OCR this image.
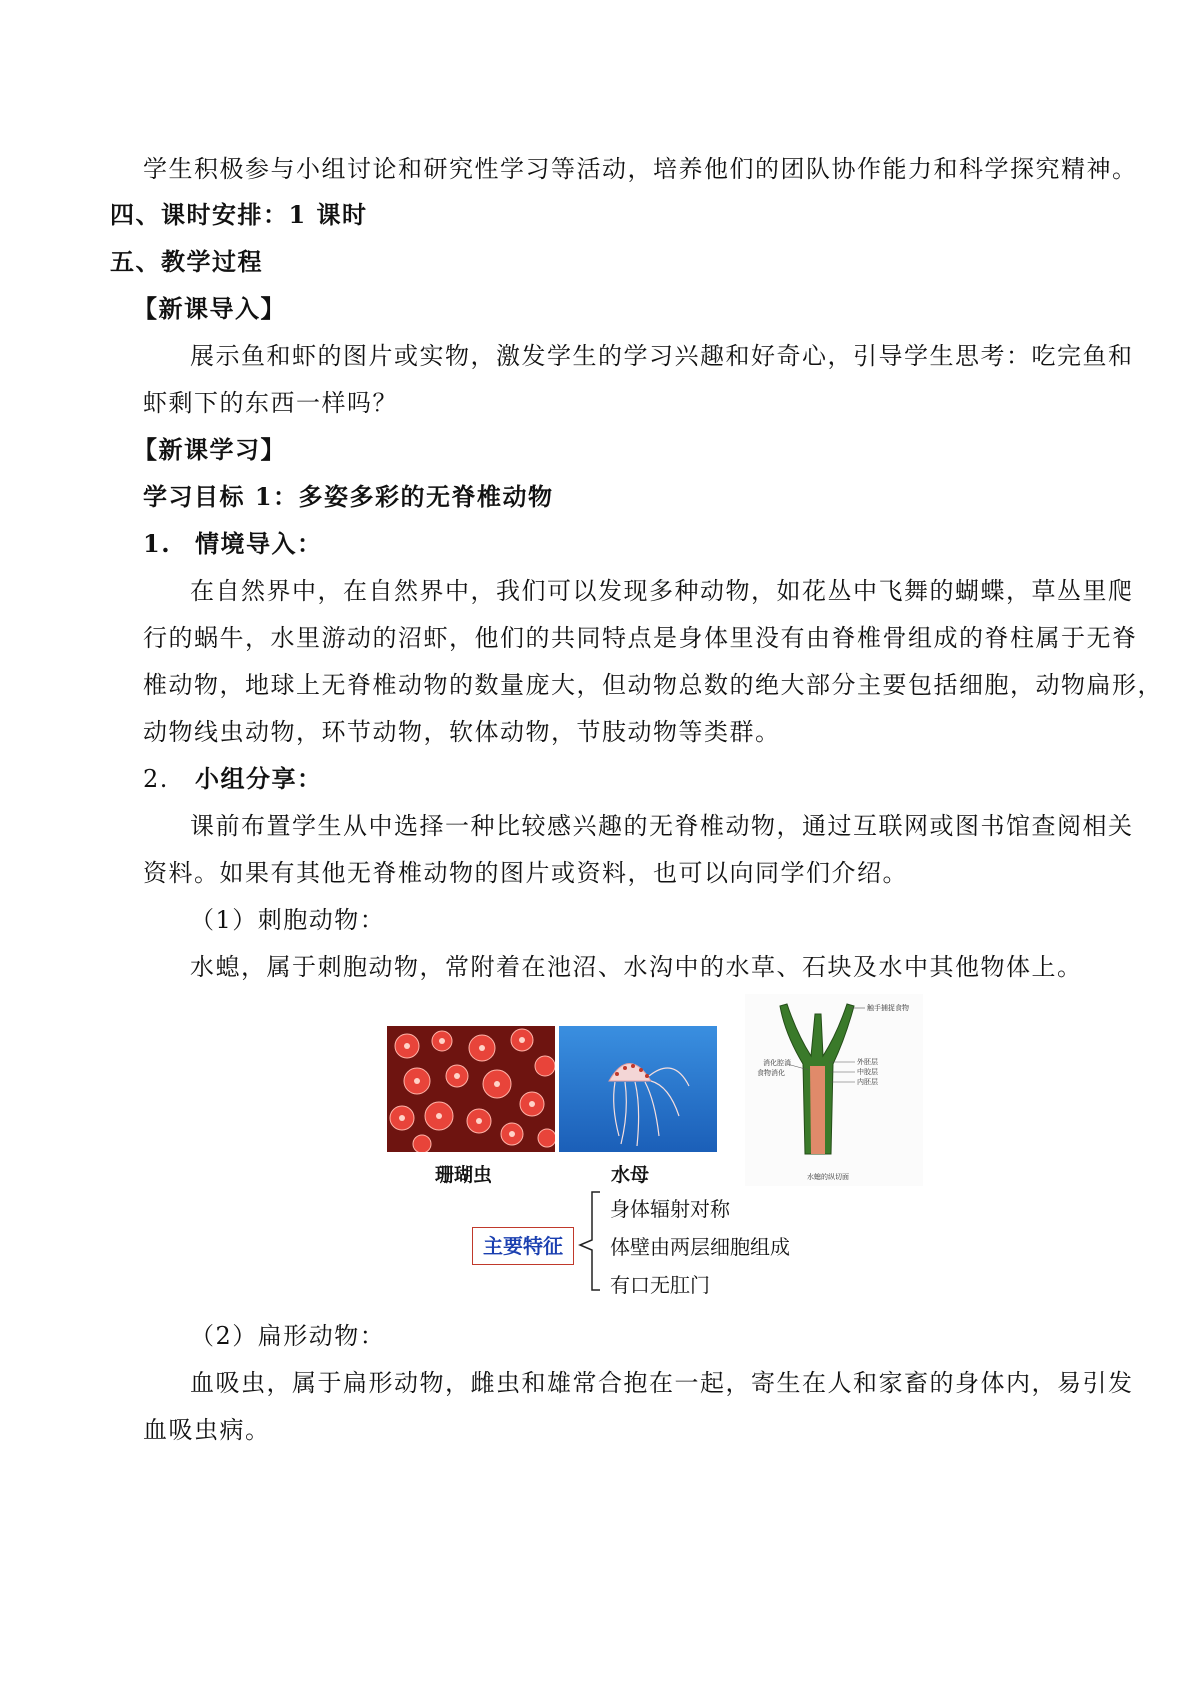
学生积极参与小组讨论和研究性学习等活动，培养他们的团队协作能力和科学探究精神。
四、课时安排：1 课时
五、教学过程
【新课导入】
展示鱼和虾的图片或实物，激发学生的学习兴趣和好奇心，引导学生思考：吃完鱼和
虾剩下的东西一样吗？
【新课学习】
学习目标 1：多姿多彩的无脊椎动物
1. 情境导入：
在自然界中，在自然界中，我们可以发现多种动物，如花丛中飞舞的蝴蝶，草丛里爬
行的蜗牛，水里游动的沼虾，他们的共同特点是身体里没有由脊椎骨组成的脊柱属于无脊
椎动物，地球上无脊椎动物的数量庞大，但动物总数的绝大部分主要包括细胞，动物扁形，
动物线虫动物，环节动物，软体动物，节肢动物等类群。
2. 小组分享：
课前布置学生从中选择一种比较感兴趣的无脊椎动物，通过互联网或图书馆查阅相关
资料。如果有其他无脊椎动物的图片或资料，也可以向同学们介绍。
（1）刺胞动物：
水螅，属于刺胞动物，常附着在池沼、水沟中的水草、石块及水中其他物体上。
珊瑚虫	水母
触手捕捉食物
外胚层
中胶层
内胚层
消化腔消
食物消化
水螅的纵切面
主要特征
身体辐射对称
体壁由两层细胞组成
有口无肛门
（2）扁形动物：
血吸虫，属于扁形动物，雌虫和雄常合抱在一起，寄生在人和家畜的身体内，易引发
血吸虫病。
